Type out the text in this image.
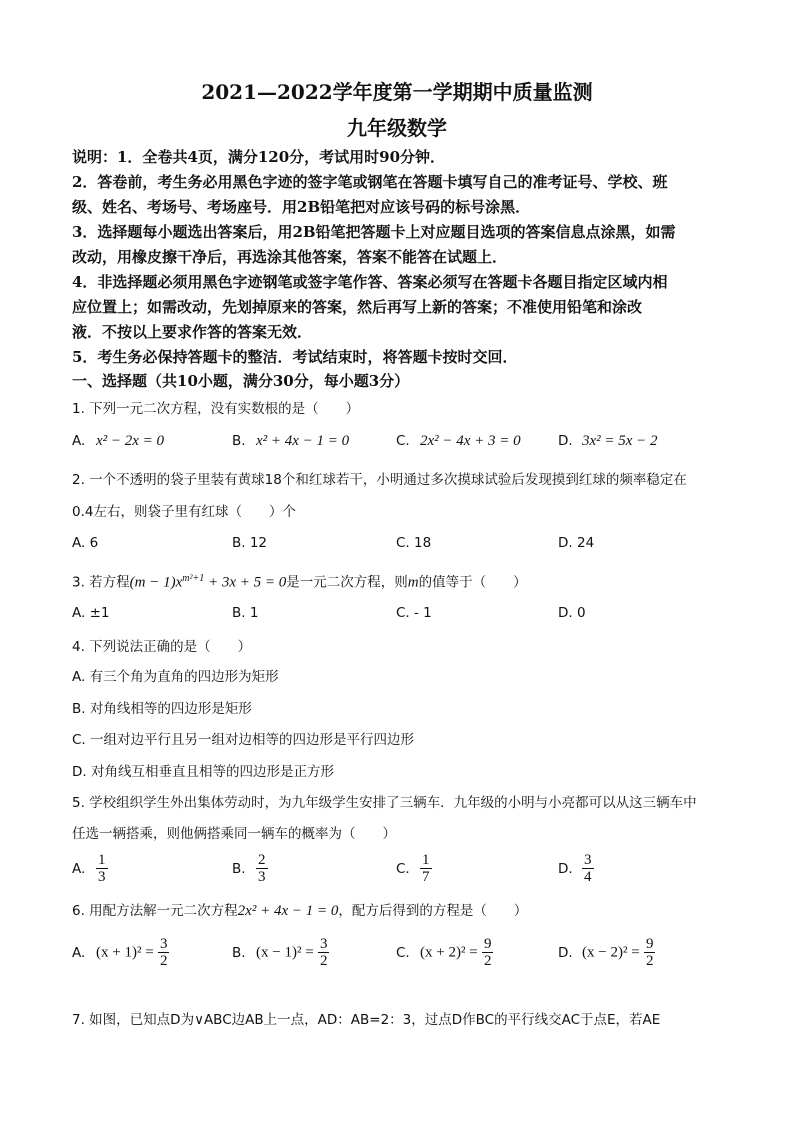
2021—2022学年度第一学期期中质量监测
九年级数学
说明：1．全卷共4页，满分120分，考试用时90分钟．
2．答卷前，考生务必用黑色字迹的签字笔或钢笔在答题卡填写自己的准考证号、学校、班
级、姓名、考场号、考场座号．用2B铅笔把对应该号码的标号涂黑．
3．选择题每小题选出答案后，用2B铅笔把答题卡上对应题目选项的答案信息点涂黑，如需
改动，用橡皮擦干净后，再选涂其他答案，答案不能答在试题上．
4．非选择题必须用黑色字迹钢笔或签字笔作答、答案必须写在答题卡各题目指定区域内相
应位置上；如需改动，先划掉原来的答案，然后再写上新的答案；不准使用铅笔和涂改
液．不按以上要求作答的答案无效．
5．考生务必保持答题卡的整洁．考试结束时，将答题卡按时交回．
一、选择题（共10小题，满分30分，每小题3分）
1. 下列一元二次方程，没有实数根的是（　　）
A. x² − 2x = 0	B. x² + 4x − 1 = 0	C. 2x² − 4x + 3 = 0	D. 3x² = 5x − 2
2. 一个不透明的袋子里装有黄球18个和红球若干，小明通过多次摸球试验后发现摸到红球的频率稳定在
0.4左右，则袋子里有红球（　　）个
A. 6	B. 12	C. 18	D. 24
3. 若方程$(m - 1)x^{m^2+1} + 3x + 5 = 0$是一元二次方程，则m的值等于（　　）
A. ±1	B. 1	C. - 1	D. 0
4. 下列说法正确的是（　　）
A. 有三个角为直角的四边形为矩形
B. 对角线相等的四边形是矩形
C. 一组对边平行且另一组对边相等的四边形是平行四边形
D. 对角线互相垂直且相等的四边形是正方形
5. 学校组织学生外出集体劳动时，为九年级学生安排了三辆车．九年级的小明与小亮都可以从这三辆车中
任选一辆搭乘，则他俩搭乘同一辆车的概率为（　　）
A. $\frac{1}{3}$	B. $\frac{2}{3}$	C. $\frac{1}{7}$	D. $\frac{3}{4}$
6. 用配方法解一元二次方程2x² + 4x − 1 = 0，配方后得到的方程是（　　）
A. $(x + 1)^2 = \frac{3}{2}$	B. $(x - 1)^2 = \frac{3}{2}$	C. $(x + 2)^2 = \frac{9}{2}$	D. $(x - 2)^2 = \frac{9}{2}$
7. 如图，已知点D为∨ABC边AB上一点，AD：AB=2：3，过点D作BC的平行线交AC于点E，若AE
